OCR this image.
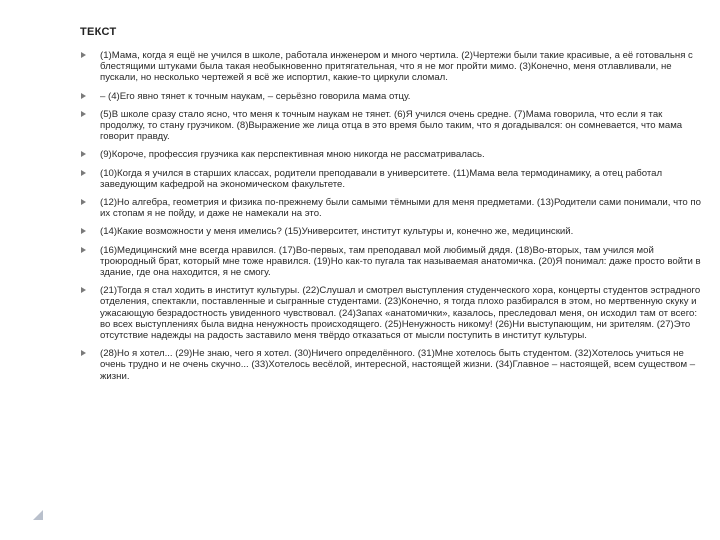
ТЕКСТ
(1)Мама, когда я ещё не учился в школе, работала инженером и много чертила. (2)Чертежи были такие красивые, а её готовальня с блестящими штуками была такая необыкновенно притягательная, что я не мог пройти мимо. (3)Конечно, меня отлавливали, не пускали, но несколько чертежей я всё же испортил, какие-то циркули сломал.
– (4)Его явно тянет к точным наукам, – серьёзно говорила мама отцу.
(5)В школе сразу стало ясно, что меня к точным наукам не тянет. (6)Я учился очень средне. (7)Мама говорила, что если я так продолжу, то стану грузчиком. (8)Выражение же лица отца в это время было таким, что я догадывался: он сомневается, что мама говорит правду.
(9)Короче, профессия грузчика как перспективная мною никогда не рассматривалась.
(10)Когда я учился в старших классах, родители преподавали в университете. (11)Мама вела термодинамику, а отец работал заведующим кафедрой на экономическом факультете.
(12)Но алгебра, геометрия и физика по-прежнему были самыми тёмными для меня предметами. (13)Родители сами понимали, что по их стопам я не пойду, и даже не намекали на это.
(14)Какие возможности у меня имелись? (15)Университет, институт культуры и, конечно же, медицинский.
(16)Медицинский мне всегда нравился. (17)Во-первых, там преподавал мой любимый дядя. (18)Во-вторых, там учился мой троюродный брат, который мне тоже нравился. (19)Но как-то пугала так называемая анатомичка. (20)Я понимал: даже просто войти в здание, где она находится, я не смогу.
(21)Тогда я стал ходить в институт культуры. (22)Слушал и смотрел выступления студенческого хора, концерты студентов эстрадного отделения, спектакли, поставленные и сыгранные студентами. (23)Конечно, я тогда плохо разбирался в этом, но мертвенную скуку и ужасающую безрадостность увиденного чувствовал. (24)Запах «анатомички», казалось, преследовал меня, он исходил там от всего: во всех выступлениях была видна ненужность происходящего. (25)Ненужность никому! (26)Ни выступающим, ни зрителям. (27)Это отсутствие надежды на радость заставило меня твёрдо отказаться от мысли поступить в институт культуры.
(28)Но я хотел... (29)Не знаю, чего я хотел. (30)Ничего определённого. (31)Мне хотелось быть студентом. (32)Хотелось учиться не очень трудно и не очень скучно... (33)Хотелось весёлой, интересной, настоящей жизни. (34)Главное – настоящей, всем существом – жизни.
